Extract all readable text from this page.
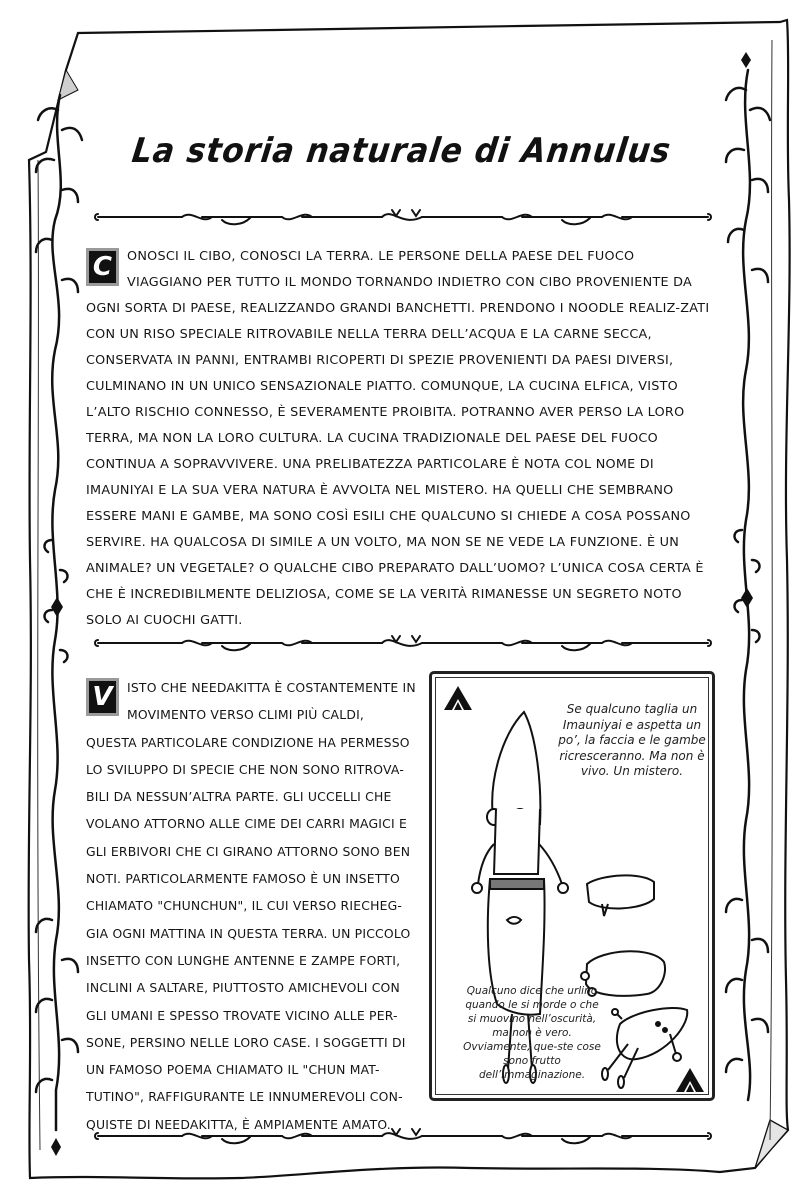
La storia naturale di Annulus
C	ONOSCI IL CIBO, CONOSCI LA TERRA. LE PERSONE DELLA PAESE DEL FUOCO VIAGGIANO PER TUTTO IL MONDO TORNANDO INDIETRO CON CIBO PROVENIENTE DA OGNI SORTA DI PAESE, REALIZZANDO GRANDI BANCHETTI. PRENDONO I NOODLE REALIZ-ZATI CON UN RISO SPECIALE RITROVABILE NELLA TERRA DELL’ACQUA E LA CARNE SECCA, CONSERVATA IN PANNI, ENTRAMBI RICOPERTI DI SPEZIE PROVENIENTI DA PAESI DIVERSI, CULMINANO IN UN UNICO SENSAZIONALE PIATTO. COMUNQUE, LA CUCINA ELFICA, VISTO L’ALTO RISCHIO CONNESSO, È SEVERAMENTE PROIBITA. POTRANNO AVER PERSO LA LORO TERRA, MA NON LA LORO CULTURA. LA CUCINA TRADIZIONALE DEL PAESE DEL FUOCO CONTINUA A SOPRAVVIVERE. UNA PRELIBATEZZA PARTICOLARE È NOTA COL NOME DI IMAUNIYAI E LA SUA VERA NATURA È AVVOLTA NEL MISTERO. HA QUELLI CHE SEMBRANO ESSERE MANI E GAMBE, MA SONO COSÌ ESILI CHE QUALCUNO SI CHIEDE A COSA POSSANO SERVIRE. HA QUALCOSA DI SIMILE A UN VOLTO, MA NON SE NE VEDE LA FUNZIONE. È UN ANIMALE? UN VEGETALE? O QUALCHE CIBO PREPARATO DALL’UOMO? L’UNICA COSA CERTA È CHE È INCREDIBILMENTE DELIZIOSA, COME SE LA VERITÀ RIMANESSE UN SEGRETO NOTO SOLO AI CUOCHI GATTI.
V	ISTO CHE NEEDAKITTA È COSTANTEMENTE IN MOVIMENTO VERSO CLIMI PIÙ CALDI, QUESTA PARTICOLARE CONDIZIONE HA PERMESSO LO SVILUPPO DI SPECIE CHE NON SONO RITROVA-BILI DA NESSUN’ALTRA PARTE. GLI UCCELLI CHE VOLANO ATTORNO ALLE CIME DEI CARRI MAGICI E GLI ERBIVORI CHE CI GIRANO ATTORNO SONO BEN NOTI. PARTICOLARMENTE FAMOSO È UN INSETTO CHIAMATO "CHUNCHUN", IL CUI VERSO RIECHEG-GIA OGNI MATTINA IN QUESTA TERRA. UN PICCOLO INSETTO CON LUNGHE ANTENNE E ZAMPE FORTI, INCLINI A SALTARE, PIUTTOSTO AMICHEVOLI CON GLI UMANI E SPESSO TROVATE VICINO ALLE PER-SONE, PERSINO NELLE LORO CASE. I SOGGETTI DI UN FAMOSO POEMA CHIAMATO IL "CHUN MAT-TUTINO", RAFFIGURANTE LE INNUMEREVOLI CON-QUISTE DI NEEDAKITTA, È AMPIAMENTE AMATO.
Se qualcuno taglia un Imauniyai e aspetta un po’, la faccia e le gambe ricresceranno. Ma non è vivo. Un mistero.
Qualcuno dice che urlino quando le si morde o che si muovino nell’oscurità, ma non è vero. Ovviamente, que-ste cose sono frutto dell’immaginazione.
